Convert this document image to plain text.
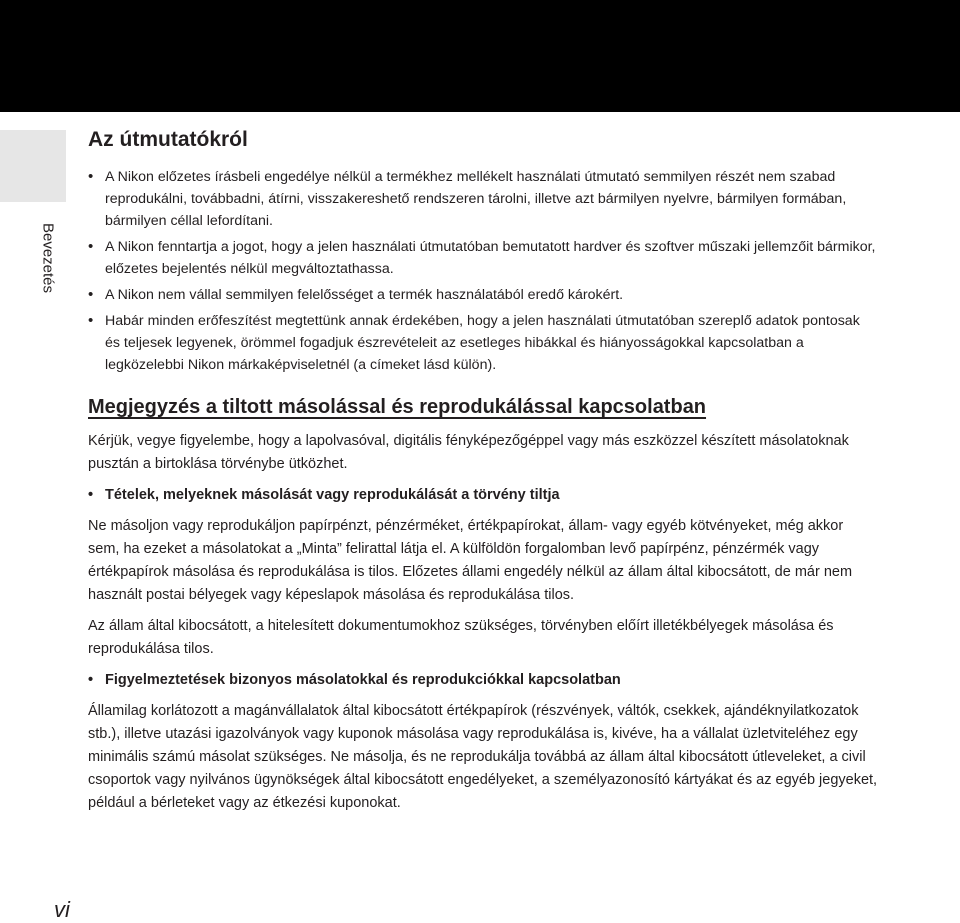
Bevezetés
Az útmutatókról
• A Nikon előzetes írásbeli engedélye nélkül a termékhez mellékelt használati útmutató semmilyen részét nem szabad reprodukálni, továbbadni, átírni, visszakereshető rendszeren tárolni, illetve azt bármilyen nyelvre, bármilyen formában, bármilyen céllal lefordítani.
• A Nikon fenntartja a jogot, hogy a jelen használati útmutatóban bemutatott hardver és szoftver műszaki jellemzőit bármikor, előzetes bejelentés nélkül megváltoztathassa.
• A Nikon nem vállal semmilyen felelősséget a termék használatából eredő károkért.
• Habár minden erőfeszítést megtettünk annak érdekében, hogy a jelen használati útmutatóban szereplő adatok pontosak és teljesek legyenek, örömmel fogadjuk észrevételeit az esetleges hibákkal és hiányosságokkal kapcsolatban a legközelebbi Nikon márkaképviseletnél (a címeket lásd külön).
Megjegyzés a tiltott másolással és reprodukálással kapcsolatban

Kérjük, vegye figyelembe, hogy a lapolvasóval, digitális fényképezőgéppel vagy más eszközzel készített másolatoknak pusztán a birtoklása törvénybe ütközhet.

• Tételek, melyeknek másolását vagy reprodukálását a törvény tiltja

Ne másoljon vagy reprodukáljon papírpénzt, pénzérméket, értékpapírokat, állam- vagy egyéb kötvényeket, még akkor sem, ha ezeket a másolatokat a „Minta” felirattal látja el. A külföldön forgalomban levő papírpénz, pénzérmék vagy értékpapírok másolása és reprodukálása is tilos. Előzetes állami engedély nélkül az állam által kibocsátott, de már nem használt postai bélyegek vagy képeslapok másolása és reprodukálása tilos.

Az állam által kibocsátott, a hitelesített dokumentumokhoz szükséges, törvényben előírt illetékbélyegek másolása és reprodukálása tilos.

• Figyelmeztetések bizonyos másolatokkal és reprodukciókkal kapcsolatban

Államilag korlátozott a magánvállalatok által kibocsátott értékpapírok (részvények, váltók, csekkek, ajándéknyilatkozatok stb.), illetve utazási igazolványok vagy kuponok másolása vagy reprodukálása is, kivéve, ha a vállalat üzletviteléhez egy minimális számú másolat szükséges. Ne másolja, és ne reprodukálja továbbá az állam által kibocsátott útleveleket, a civil csoportok vagy nyilvános ügynökségek által kibocsátott engedélyeket, a személyazonosító kártyákat és az egyéb jegyeket, például a bérleteket vagy az étkezési kuponokat.

vi
